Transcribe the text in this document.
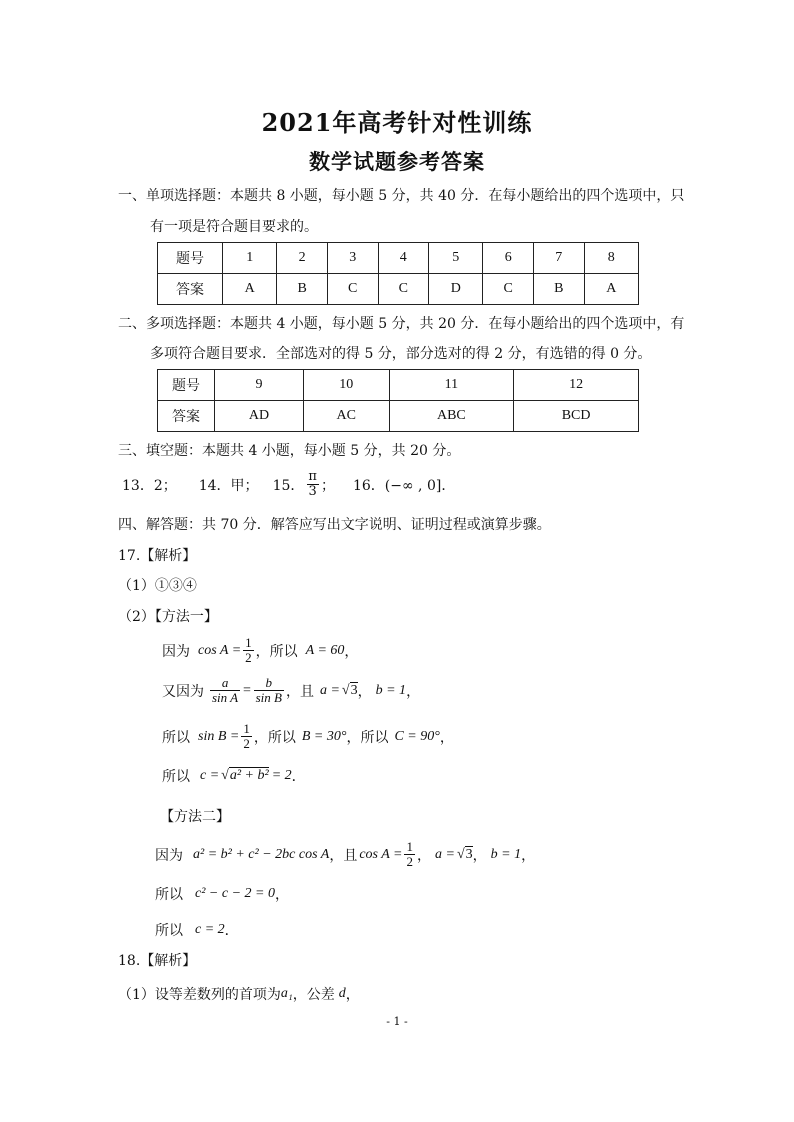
2021年高考针对性训练
数学试题参考答案
一、单项选择题：本题共 8 小题，每小题 5 分，共 40 分．在每小题给出的四个选项中，只
有一项是符合题目要求的。
题号	1	2	3	4	5	6	7	8
答案	A	B	C	C	D	C	B	A
二、多项选择题：本题共 4 小题，每小题 5 分，共 20 分．在每小题给出的四个选项中，有
多项符合题目要求．全部选对的得 5 分，部分选对的得 2 分，有选错的得 0 分。
题号	9	10	11	12
答案	AD	AC	ABC	BCD
三、填空题：本题共 4 小题，每小题 5 分，共 20 分。
13．2； 14．甲； 15． $\frac{\pi}{3}$ ； 16．(−∞ , 0]．
四、解答题：共 70 分．解答应写出文字说明、证明过程或演算步骤。
17.【解析】
（1）①③④
（2）【方法一】
因为 $\cos A = \frac{1}{2}$ ，所以 A = 60 ，
又因为 $\frac{a}{\text{sin A}} = \frac{b}{\text{sin B}}$ ，且 a = √3 ， b = 1 ，
所以 $\sin B = \frac{1}{2}$ ，所以 B = 30° ，所以 C = 90° ，
所以 c = √a² + b² = 2 ．
【方法二】
因为 a² = b² + c² − 2bc cos A ，且 $\cos A = \frac{1}{2}$ ， a = √3 ， b = 1 ，
所以 c² − c − 2 = 0 ，
所以 c = 2 ．
18.【解析】
（1）设等差数列的首项为 a₁ ，公差 d ，
- 1 -
